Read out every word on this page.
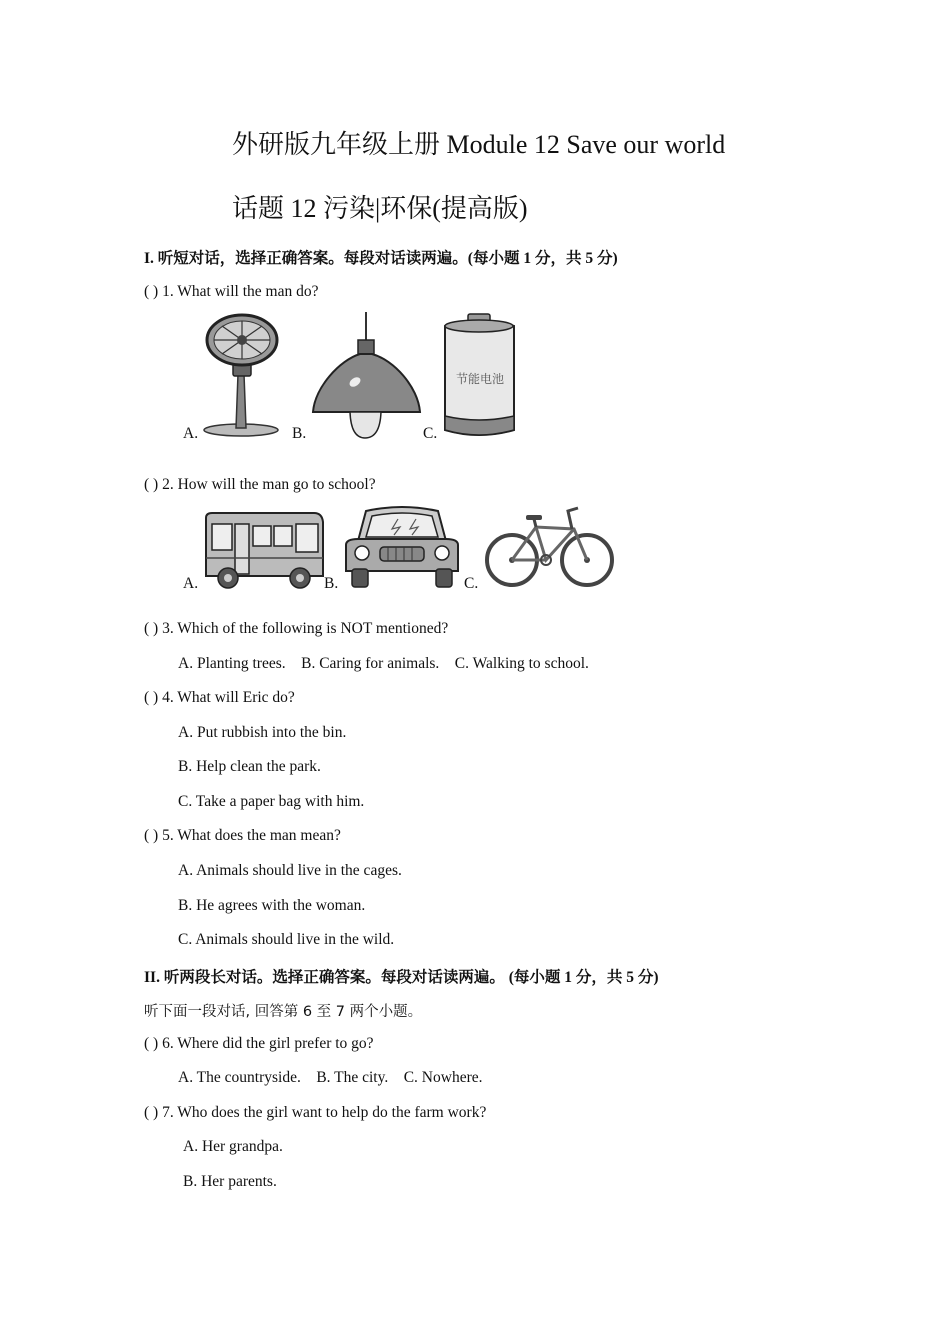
外研版九年级上册 Module 12 Save our world
话题 12 污染|环保(提高版)
I. 听短对话，选择正确答案。每段对话读两遍。(每小题 1 分，共 5 分)
( ) 1. What will the man do?
A.	B.
节能电池
C.
( ) 2. How will the man go to school?
A.	B.	C.
( ) 3. Which of the following is NOT mentioned?
A. Planting trees.    B. Caring for animals.    C. Walking to school.
( ) 4. What will Eric do?
A. Put rubbish into the bin.
B. Help clean the park.
C. Take a paper bag with him.
( ) 5. What does the man mean?
A. Animals should live in the cages.
B. He agrees with the woman.
C. Animals should live in the wild.
II. 听两段长对话。选择正确答案。每段对话读两遍。 (每小题 1 分，共 5 分)
听下面一段对话, 回答第 6 至 7 两个小题。
( ) 6. Where did the girl prefer to go?
A. The countryside.    B. The city.    C. Nowhere.
( ) 7. Who does the girl want to help do the farm work?
A. Her grandpa.
B. Her parents.
